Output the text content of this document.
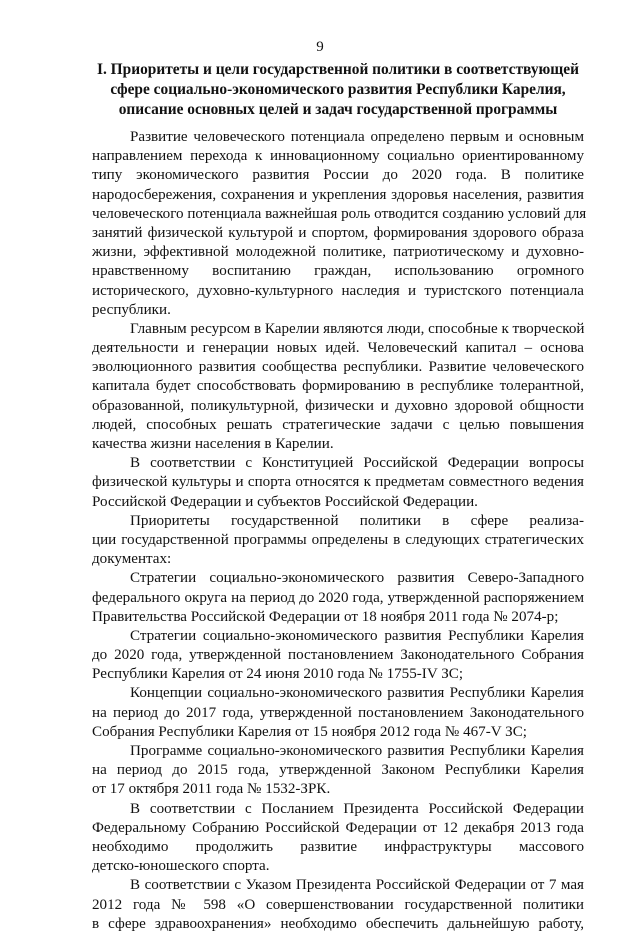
9
I. Приоритеты и цели государственной политики в соответствующей
сфере социально-экономического развития Республики Карелия,
описание основных целей и задач государственной программы
Развитие человеческого потенциала определено первым и основным
направлением перехода к инновационному социально ориентированному
типу экономического развития России до 2020 года. В политике
народосбережения, сохранения и укрепления здоровья населения, развития
человеческого потенциала важнейшая роль отводится созданию условий для
занятий физической культурой и спортом, формирования здорового образа
жизни, эффективной молодежной политике, патриотическому и духовно-
нравственному воспитанию граждан, использованию огромного
исторического, духовно-культурного наследия и туристского потенциала
республики.
Главным ресурсом в Карелии являются люди, способные к творческой
деятельности и генерации новых идей. Человеческий капитал – основа
эволюционного развития сообщества республики. Развитие человеческого
капитала будет способствовать формированию в республике толерантной,
образованной, поликультурной, физически и духовно здоровой общности
людей, способных решать стратегические задачи с целью повышения
качества жизни населения в Карелии.
В соответствии с Конституцией Российской Федерации вопросы
физической культуры и спорта относятся к предметам совместного ведения
Российской Федерации и субъектов Российской Федерации.
Приоритеты государственной политики в сфере реализа-
ции государственной программы определены в следующих стратегических
документах:
Стратегии социально-экономического развития Северо-Западного
федерального округа на период до 2020 года, утвержденной распоряжением
Правительства Российской Федерации от 18 ноября 2011 года № 2074-р;
Стратегии социально-экономического развития Республики Карелия
до 2020 года, утвержденной постановлением Законодательного Собрания
Республики Карелия от 24 июня 2010 года № 1755-IV ЗС;
Концепции социально-экономического развития Республики Карелия
на период до 2017 года, утвержденной постановлением Законодательного
Собрания Республики Карелия от 15 ноября 2012 года № 467-V ЗС;
Программе социально-экономического развития Республики Карелия
на период до 2015 года, утвержденной Законом Республики Карелия
от 17 октября 2011 года № 1532-ЗРК.
В соответствии с Посланием Президента Российской Федерации
Федеральному Собранию Российской Федерации от 12 декабря 2013 года
необходимо продолжить развитие инфраструктуры массового
детско-юношеского спорта.
В соответствии с Указом Президента Российской Федерации от 7 мая
2012 года № 598 «О совершенствовании государственной политики
в сфере здравоохранения» необходимо обеспечить дальнейшую работу,
